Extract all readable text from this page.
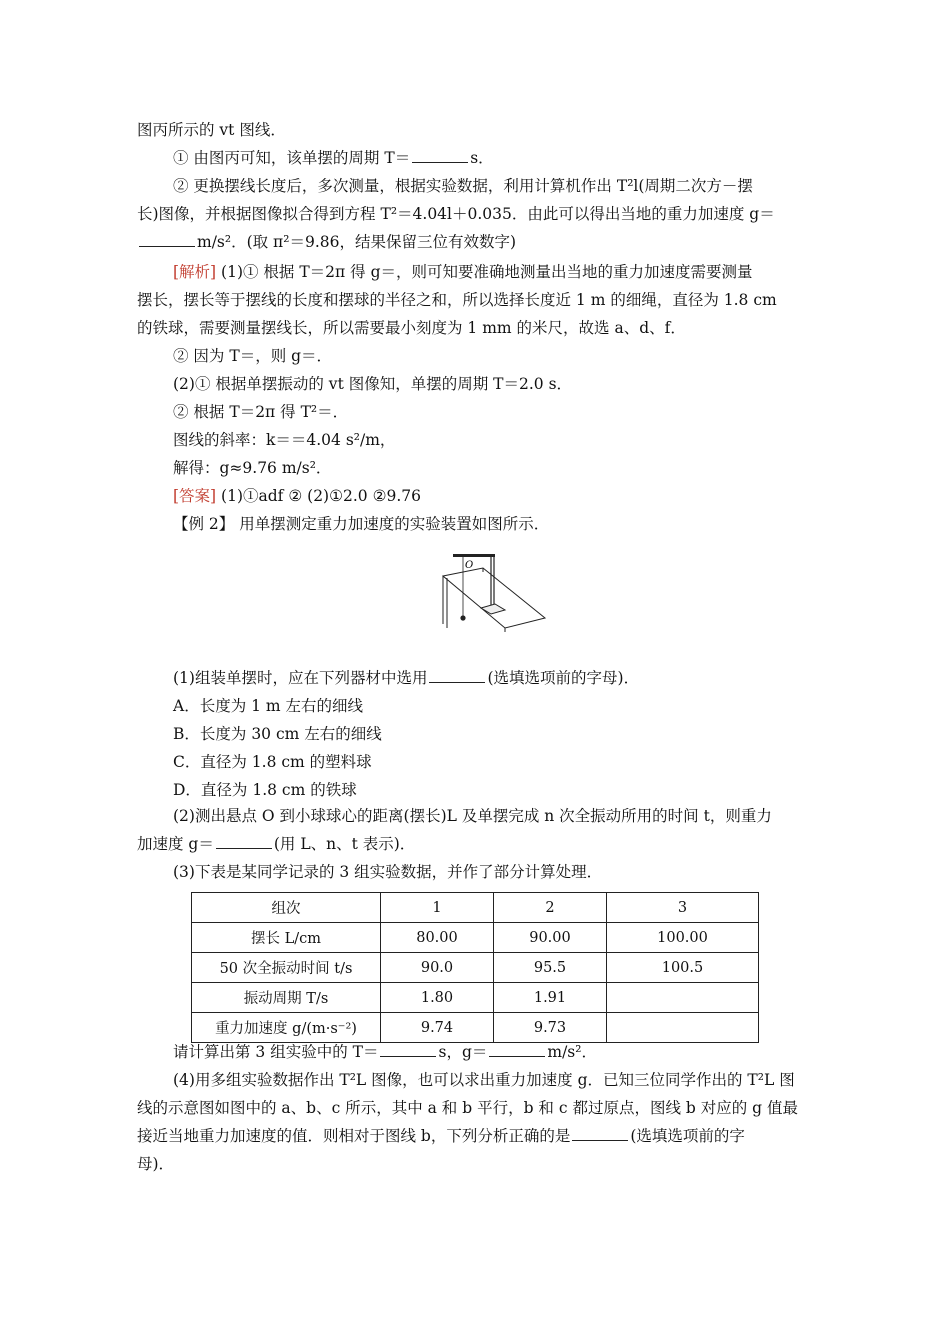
图丙所示的 vt 图线．
① 由图丙可知，该单摆的周期 T＝	s．
② 更换摆线长度后，多次测量，根据实验数据，利用计算机作出 T²l(周期二次方－摆
长)图像，并根据图像拟合得到方程 T²＝4.04l＋0.035．由此可以得出当地的重力加速度 g＝
m/s²．(取 π²＝9.86，结果保留三位有效数字)
[解析] (1)① 根据 T＝2π 得 g＝，则可知要准确地测量出当地的重力加速度需要测量
摆长，摆长等于摆线的长度和摆球的半径之和，所以选择长度近 1 m 的细绳，直径为 1.8 cm
的铁球，需要测量摆线长，所以需要最小刻度为 1 mm 的米尺，故选 a、d、f．
② 因为 T＝，则 g＝．
(2)① 根据单摆振动的 vt 图像知，单摆的周期 T＝2.0 s．
② 根据 T＝2π 得 T²＝．
图线的斜率：k＝＝4.04 s²/m，
解得：g≈9.76 m/s²．
[答案] (1)①adf ② (2)①2.0 ②9.76
【例 2】 用单摆测定重力加速度的实验装置如图所示．
O
(1)组装单摆时，应在下列器材中选用	(选填选项前的字母)．
A．长度为 1 m 左右的细线
B．长度为 30 cm 左右的细线
C．直径为 1.8 cm 的塑料球
D．直径为 1.8 cm 的铁球
(2)测出悬点 O 到小球球心的距离(摆长)L 及单摆完成 n 次全振动所用的时间 t，则重力
加速度 g＝	(用 L、n、t 表示)．
(3)下表是某同学记录的 3 组实验数据，并作了部分计算处理．
组次	1	2	3
摆长 L/cm	80.00	90.00	100.00
50 次全振动时间 t/s	90.0	95.5	100.5
振动周期 T/s	1.80	1.91	
重力加速度 g/(m·s⁻²)	9.74	9.73	
请计算出第 3 组实验中的 T＝	s，g＝	m/s²．
(4)用多组实验数据作出 T²L 图像，也可以求出重力加速度 g．已知三位同学作出的 T²L 图
线的示意图如图中的 a、b、c 所示，其中 a 和 b 平行，b 和 c 都过原点，图线 b 对应的 g 值最
接近当地重力加速度的值．则相对于图线 b，下列分析正确的是	(选填选项前的字
母)．
